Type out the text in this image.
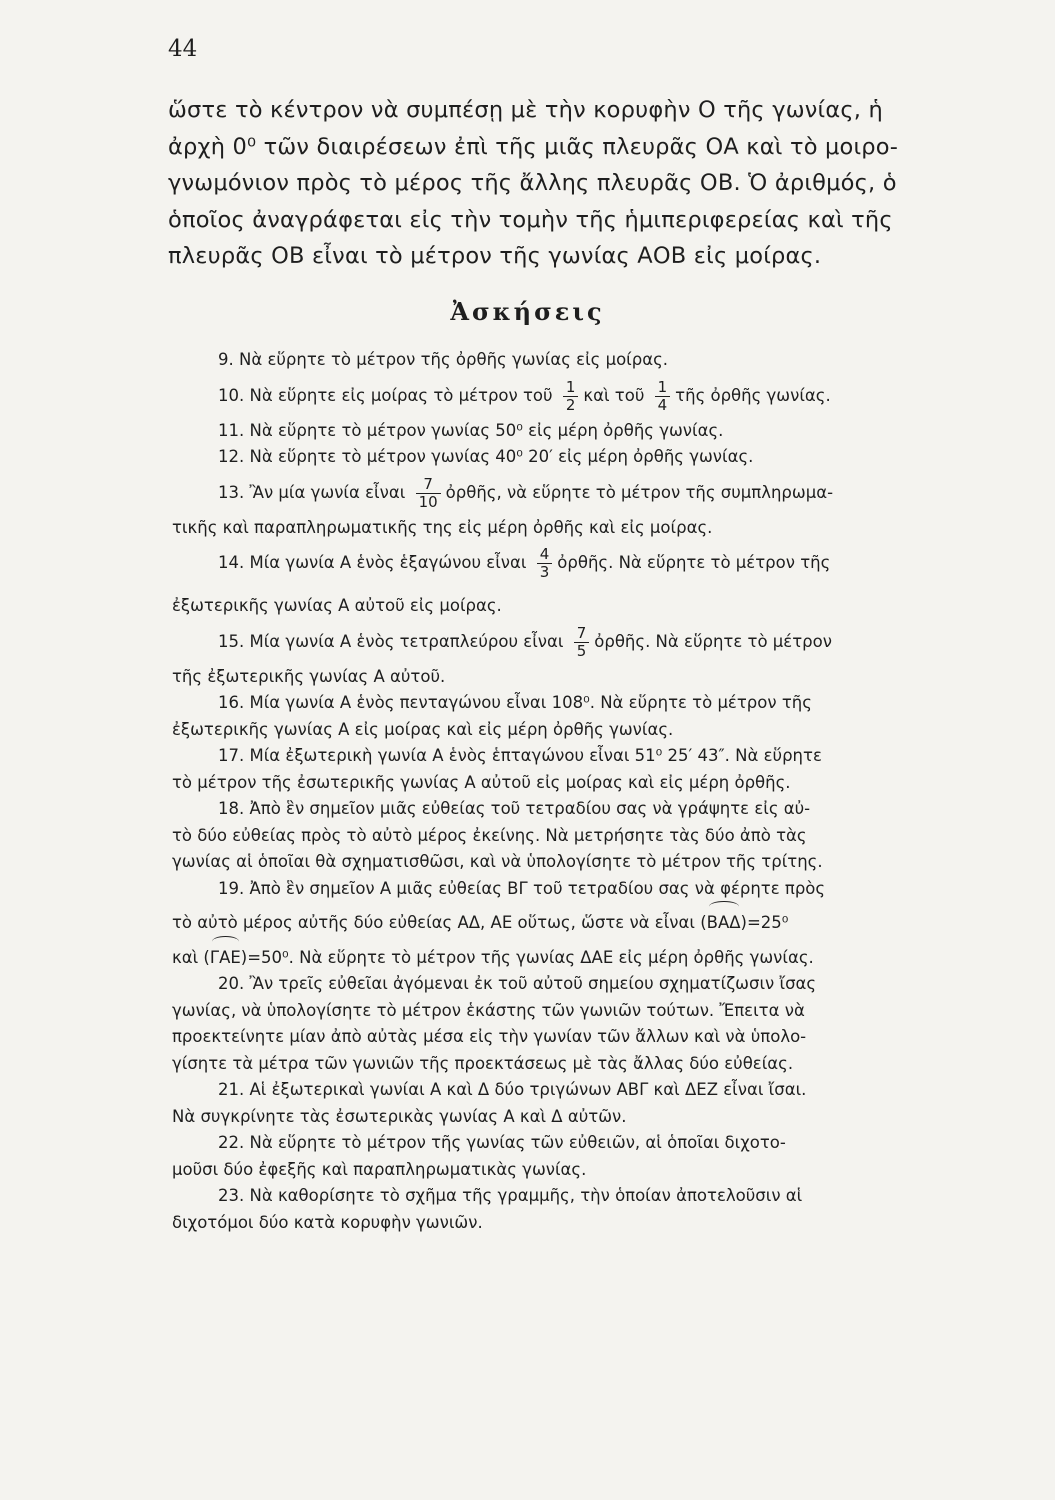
44
ὥστε τὸ κέντρον νὰ συμπέσῃ μὲ τὴν κορυφὴν Ο τῆς γωνίας, ἡ
ἀρχὴ 0⁰ τῶν διαιρέσεων ἐπὶ τῆς μιᾶς πλευρᾶς ΟΑ καὶ τὸ μοιρο-
γνωμόνιον πρὸς τὸ μέρος τῆς ἄλλης πλευρᾶς ΟΒ. Ὁ ἀριθμός, ὁ
ὁποῖος ἀναγράφεται εἰς τὴν τομὴν τῆς ἡμιπεριφερείας καὶ τῆς
πλευρᾶς ΟΒ εἶναι τὸ μέτρον τῆς γωνίας ΑΟΒ εἰς μοίρας.
Ἀσκήσεις

9. Νὰ εὕρητε τὸ μέτρον τῆς ὀρθῆς γωνίας εἰς μοίρας.

10. Νὰ εὕρητε εἰς μοίρας τὸ μέτρον τοῦ $\frac{1}{2}$ καὶ τοῦ $\frac{1}{4}$ τῆς ὀρθῆς γωνίας.

11. Νὰ εὕρητε τὸ μέτρον γωνίας 50⁰ εἰς μέρη ὀρθῆς γωνίας.

12. Νὰ εὕρητε τὸ μέτρον γωνίας 40⁰ 20′ εἰς μέρη ὀρθῆς γωνίας.

13. Ἂν μία γωνία εἶναι $\frac{7}{10}$ ὀρθῆς, νὰ εὕρητε τὸ μέτρον τῆς συμπληρωμα-

τικῆς καὶ παραπληρωματικῆς της εἰς μέρη ὀρθῆς καὶ εἰς μοίρας.

14. Μία γωνία Α ἑνὸς ἑξαγώνου εἶναι $\frac{4}{3}$ ὀρθῆς. Νὰ εὕρητε τὸ μέτρον τῆς

ἐξωτερικῆς γωνίας Α αὐτοῦ εἰς μοίρας.

15. Μία γωνία Α ἑνὸς τετραπλεύρου εἶναι $\frac{7}{5}$ ὀρθῆς. Νὰ εὕρητε τὸ μέτρον

τῆς ἐξωτερικῆς γωνίας Α αὐτοῦ.

16. Μία γωνία Α ἑνὸς πενταγώνου εἶναι 108⁰. Νὰ εὕρητε τὸ μέτρον τῆς

ἐξωτερικῆς γωνίας Α εἰς μοίρας καὶ εἰς μέρη ὀρθῆς γωνίας.

17. Μία ἐξωτερικὴ γωνία Α ἑνὸς ἑπταγώνου εἶναι 51⁰ 25′ 43″. Νὰ εὕρητε

τὸ μέτρον τῆς ἐσωτερικῆς γωνίας Α αὐτοῦ εἰς μοίρας καὶ εἰς μέρη ὀρθῆς.

18. Ἀπὸ ἓν σημεῖον μιᾶς εὐθείας τοῦ τετραδίου σας νὰ γράψητε εἰς αὐ-

τὸ δύο εὐθείας πρὸς τὸ αὐτὸ μέρος ἐκείνης. Νὰ μετρήσητε τὰς δύο ἀπὸ τὰς

γωνίας αἱ ὁποῖαι θὰ σχηματισθῶσι, καὶ νὰ ὑπολογίσητε τὸ μέτρον τῆς τρίτης.

19. Ἀπὸ ἓν σημεῖον Α μιᾶς εὐθείας ΒΓ τοῦ τετραδίου σας νὰ φέρητε πρὸς

τὸ αὐτὸ μέρος αὐτῆς δύο εὐθείας ΑΔ, ΑΕ οὕτως, ὥστε νὰ εἶναι (
ΒΑΔ)=25⁰

καὶ (
ΓΑΕ)=50⁰. Νὰ εὕρητε τὸ μέτρον τῆς γωνίας ΔΑΕ εἰς μέρη ὀρθῆς γωνίας.

20. Ἂν τρεῖς εὐθεῖαι ἀγόμεναι ἐκ τοῦ αὐτοῦ σημείου σχηματίζωσιν ἴσας

γωνίας, νὰ ὑπολογίσητε τὸ μέτρον ἑκάστης τῶν γωνιῶν τούτων. Ἔπειτα νὰ

προεκτείνητε μίαν ἀπὸ αὐτὰς μέσα εἰς τὴν γωνίαν τῶν ἄλλων καὶ νὰ ὑπολο-

γίσητε τὰ μέτρα τῶν γωνιῶν τῆς προεκτάσεως μὲ τὰς ἄλλας δύο εὐθείας.

21. Αἱ ἐξωτερικαὶ γωνίαι Α καὶ Δ δύο τριγώνων ΑΒΓ καὶ ΔΕΖ εἶναι ἴσαι.

Νὰ συγκρίνητε τὰς ἐσωτερικὰς γωνίας Α καὶ Δ αὐτῶν.

22. Νὰ εὕρητε τὸ μέτρον τῆς γωνίας τῶν εὐθειῶν, αἱ ὁποῖαι διχοτο-

μοῦσι δύο ἐφεξῆς καὶ παραπληρωματικὰς γωνίας.

23. Νὰ καθορίσητε τὸ σχῆμα τῆς γραμμῆς, τὴν ὁποίαν ἀποτελοῦσιν αἱ

διχοτόμοι δύο κατὰ κορυφὴν γωνιῶν.
